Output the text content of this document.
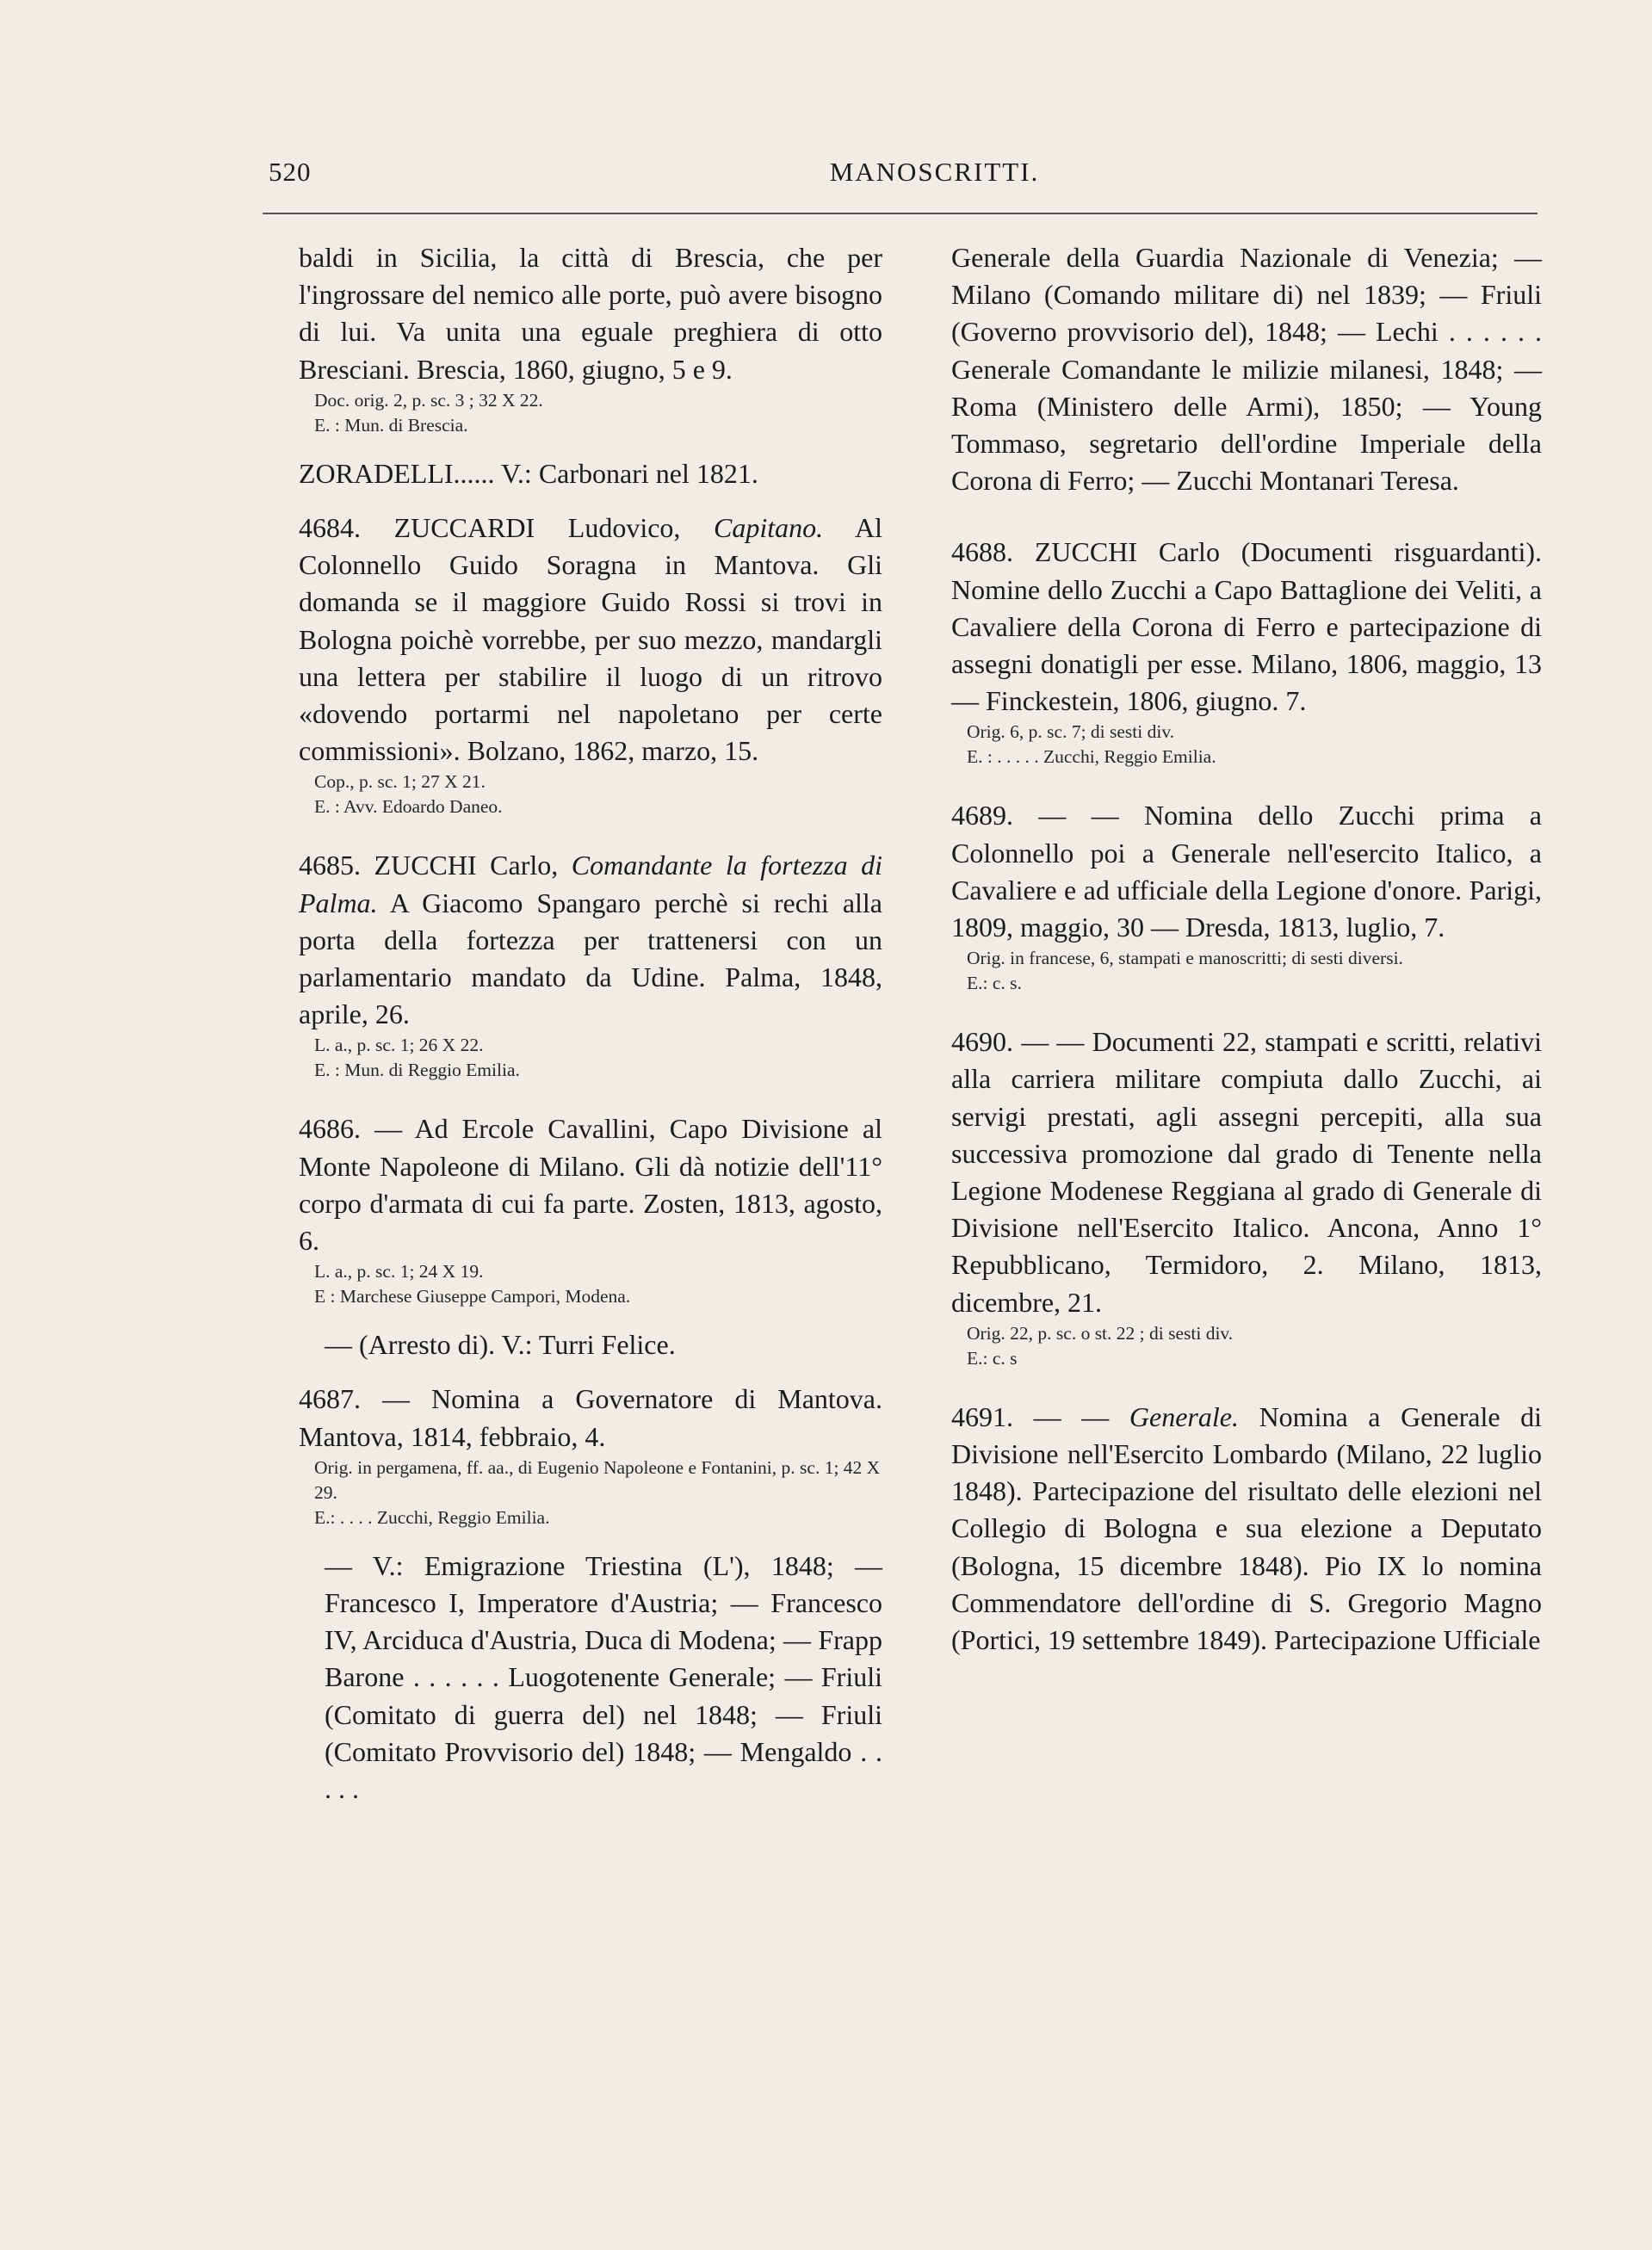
520	MANOSCRITTI.

baldi in Sicilia, la città di Brescia, che per l'ingrossare del nemico alle porte, può avere bisogno di lui. Va unita una eguale preghiera di otto Bresciani. Brescia, 1860, giugno, 5 e 9.

Doc. orig. 2, p. sc. 3 ; 32 X 22.

E. : Mun. di Brescia.

ZORADELLI...... V.: Carbonari nel 1821.

4684. ZUCCARDI Ludovico, Capitano. Al Colonnello Guido Soragna in Mantova. Gli domanda se il maggiore Guido Rossi si trovi in Bologna poichè vorrebbe, per suo mezzo, mandargli una lettera per stabilire il luogo di un ritrovo «dovendo portarmi nel napoletano per certe commissioni». Bolzano, 1862, marzo, 15.

Cop., p. sc. 1; 27 X 21.

E. : Avv. Edoardo Daneo.

4685. ZUCCHI Carlo, Comandante la fortezza di Palma. A Giacomo Spangaro perchè si rechi alla porta della fortezza per trattenersi con un parlamentario mandato da Udine. Palma, 1848, aprile, 26.

L. a., p. sc. 1; 26 X 22.

E. : Mun. di Reggio Emilia.

4686. — Ad Ercole Cavallini, Capo Divisione al Monte Napoleone di Milano. Gli dà notizie dell'11° corpo d'armata di cui fa parte. Zosten, 1813, agosto, 6.

L. a., p. sc. 1; 24 X 19.

E : Marchese Giuseppe Campori, Modena.

— (Arresto di). V.: Turri Felice.

4687. — Nomina a Governatore di Mantova. Mantova, 1814, febbraio, 4.

Orig. in pergamena, ff. aa., di Eugenio Napoleone e Fontanini, p. sc. 1; 42 X 29.

E.: . . . . Zucchi, Reggio Emilia.

— V.: Emigrazione Triestina (L'), 1848; — Francesco I, Imperatore d'Austria; — Francesco IV, Arciduca d'Austria, Duca di Modena; — Frapp Barone . . . . . . Luogotenente Generale; — Friuli (Comitato di guerra del) nel 1848; — Friuli (Comitato Provvisorio del) 1848; — Mengaldo . . . . .

Generale della Guardia Nazionale di Venezia; — Milano (Comando militare di) nel 1839; — Friuli (Governo provvisorio del), 1848; — Lechi . . . . . . Generale Comandante le milizie milanesi, 1848; — Roma (Ministero delle Armi), 1850; — Young Tommaso, segretario dell'ordine Imperiale della Corona di Ferro; — Zucchi Montanari Teresa.

4688. ZUCCHI Carlo (Documenti risguardanti). Nomine dello Zucchi a Capo Battaglione dei Veliti, a Cavaliere della Corona di Ferro e partecipazione di assegni donatigli per esse. Milano, 1806, maggio, 13 — Finckestein, 1806, giugno. 7.

Orig. 6, p. sc. 7; di sesti div.

E. : . . . . . Zucchi, Reggio Emilia.

4689. — — Nomina dello Zucchi prima a Colonnello poi a Generale nell'esercito Italico, a Cavaliere e ad ufficiale della Legione d'onore. Parigi, 1809, maggio, 30 — Dresda, 1813, luglio, 7.

Orig. in francese, 6, stampati e manoscritti; di sesti diversi.

E.: c. s.

4690. — — Documenti 22, stampati e scritti, relativi alla carriera militare compiuta dallo Zucchi, ai servigi prestati, agli assegni percepiti, alla sua successiva promozione dal grado di Tenente nella Legione Modenese Reggiana al grado di Generale di Divisione nell'Esercito Italico. Ancona, Anno 1° Repubblicano, Termidoro, 2. Milano, 1813, dicembre, 21.

Orig. 22, p. sc. o st. 22 ; di sesti div.

E.: c. s

4691. — — Generale. Nomina a Generale di Divisione nell'Esercito Lombardo (Milano, 22 luglio 1848). Partecipazione del risultato delle elezioni nel Collegio di Bologna e sua elezione a Deputato (Bologna, 15 dicembre 1848). Pio IX lo nomina Commendatore dell'ordine di S. Gregorio Magno (Portici, 19 settembre 1849). Partecipazione Ufficiale
